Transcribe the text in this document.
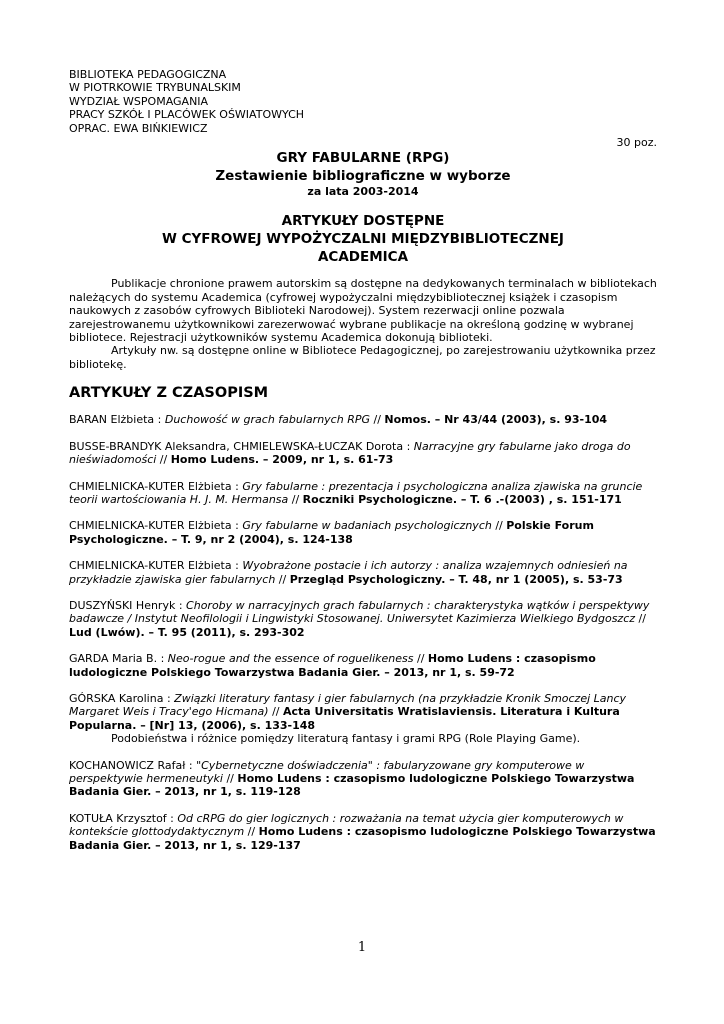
BIBLIOTEKA PEDAGOGICZNA
W PIOTRKOWIE TRYBUNALSKIM
WYDZIAŁ WSPOMAGANIA
PRACY SZKÓŁ I PLACÓWEK OŚWIATOWYCH
OPRAC. EWA BIŃKIEWICZ
30 poz.
GRY FABULARNE (RPG)
Zestawienie bibliograficzne w wyborze
za lata 2003-2014
ARTYKUŁY DOSTĘPNE
W CYFROWEJ WYPOŻYCZALNI MIĘDZYBIBLIOTECZNEJ
ACADEMICA

Publikacje chronione prawem autorskim są dostępne na dedykowanych terminalach w bibliotekach należących do systemu Academica (cyfrowej wypożyczalni międzybibliotecznej książek i czasopism naukowych z zasobów cyfrowych Biblioteki Narodowej). System rezerwacji online pozwala zarejestrowanemu użytkownikowi zarezerwować wybrane publikacje na określoną godzinę w wybranej bibliotece. Rejestracji użytkowników systemu Academica dokonują biblioteki.

Artykuły nw. są dostępne online w Bibliotece Pedagogicznej, po zarejestrowaniu użytkownika przez bibliotekę.

ARTYKUŁY Z CZASOPISM
BARAN Elżbieta : Duchowość w grach fabularnych RPG // Nomos. – Nr 43/44 (2003), s. 93-104
BUSSE-BRANDYK Aleksandra, CHMIELEWSKA-ŁUCZAK Dorota : Narracyjne gry fabularne jako droga do nieświadomości // Homo Ludens. – 2009, nr 1, s. 61-73
CHMIELNICKA-KUTER Elżbieta : Gry fabularne : prezentacja i psychologiczna analiza zjawiska na gruncie teorii wartościowania H. J. M. Hermansa // Roczniki Psychologiczne. – T. 6 .-(2003) , s. 151-171
CHMIELNICKA-KUTER Elżbieta : Gry fabularne w badaniach psychologicznych // Polskie Forum Psychologiczne. – T. 9, nr 2 (2004), s. 124-138
CHMIELNICKA-KUTER Elżbieta : Wyobrażone postacie i ich autorzy : analiza wzajemnych odniesień na przykładzie zjawiska gier fabularnych // Przegląd Psychologiczny. – T. 48, nr 1 (2005), s. 53-73
DUSZYŃSKI Henryk : Choroby w narracyjnych grach fabularnych : charakterystyka wątków i perspektywy badawcze / Instytut Neofilologii i Lingwistyki Stosowanej. Uniwersytet Kazimierza Wielkiego Bydgoszcz // Lud (Lwów). – T. 95 (2011), s. 293-302
GARDA Maria B. : Neo-rogue and the essence of roguelikeness // Homo Ludens : czasopismo ludologiczne Polskiego Towarzystwa Badania Gier. – 2013, nr 1, s. 59-72
GÓRSKA Karolina : Związki literatury fantasy i gier fabularnych (na przykładzie Kronik Smoczej Lancy Margaret Weis i Tracy'ego Hicmana) // Acta Universitatis Wratislaviensis. Literatura i Kultura Popularna. – [Nr] 13, (2006), s. 133-148
Podobieństwa i różnice pomiędzy literaturą fantasy i grami RPG (Role Playing Game).
KOCHANOWICZ Rafał : "Cybernetyczne doświadczenia" : fabularyzowane gry komputerowe w perspektywie hermeneutyki // Homo Ludens : czasopismo ludologiczne Polskiego Towarzystwa Badania Gier. – 2013, nr 1, s. 119-128
KOTUŁA Krzysztof : Od cRPG do gier logicznych : rozważania na temat użycia gier komputerowych w kontekście glottodydaktycznym // Homo Ludens : czasopismo ludologiczne Polskiego Towarzystwa Badania Gier. – 2013, nr 1, s. 129-137
1
